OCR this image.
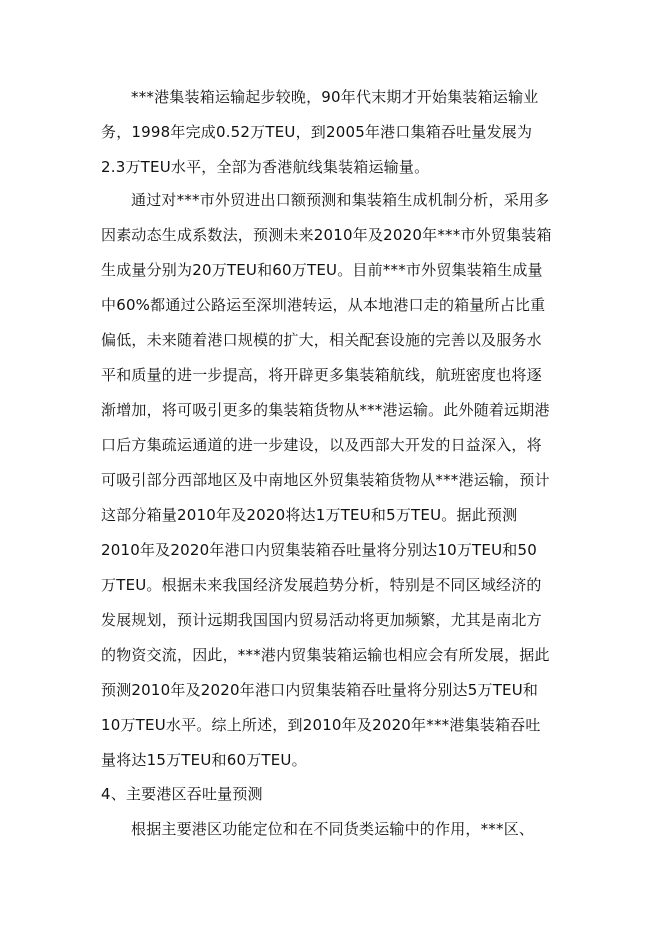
***港集装箱运输起步较晚，90年代末期才开始集装箱运输业
务，1998年完成0.52万TEU，到2005年港口集箱吞吐量发展为
2.3万TEU水平，全部为香港航线集装箱运输量。
通过对***市外贸进出口额预测和集装箱生成机制分析，采用多
因素动态生成系数法，预测未来2010年及2020年***市外贸集装箱
生成量分别为20万TEU和60万TEU。目前***市外贸集装箱生成量
中60%都通过公路运至深圳港转运，从本地港口走的箱量所占比重
偏低，未来随着港口规模的扩大，相关配套设施的完善以及服务水
平和质量的进一步提高，将开辟更多集装箱航线，航班密度也将逐
渐增加，将可吸引更多的集装箱货物从***港运输。此外随着远期港
口后方集疏运通道的进一步建设，以及西部大开发的日益深入，将
可吸引部分西部地区及中南地区外贸集装箱货物从***港运输，预计
这部分箱量2010年及2020将达1万TEU和5万TEU。据此预测
2010年及2020年港口内贸集装箱吞吐量将分别达10万TEU和50
万TEU。根据未来我国经济发展趋势分析，特别是不同区域经济的
发展规划，预计远期我国国内贸易活动将更加频繁，尤其是南北方
的物资交流，因此，***港内贸集装箱运输也相应会有所发展，据此
预测2010年及2020年港口内贸集装箱吞吐量将分别达5万TEU和
10万TEU水平。综上所述，到2010年及2020年***港集装箱吞吐
量将达15万TEU和60万TEU。
4、主要港区吞吐量预测
根据主要港区功能定位和在不同货类运输中的作用，***区、
